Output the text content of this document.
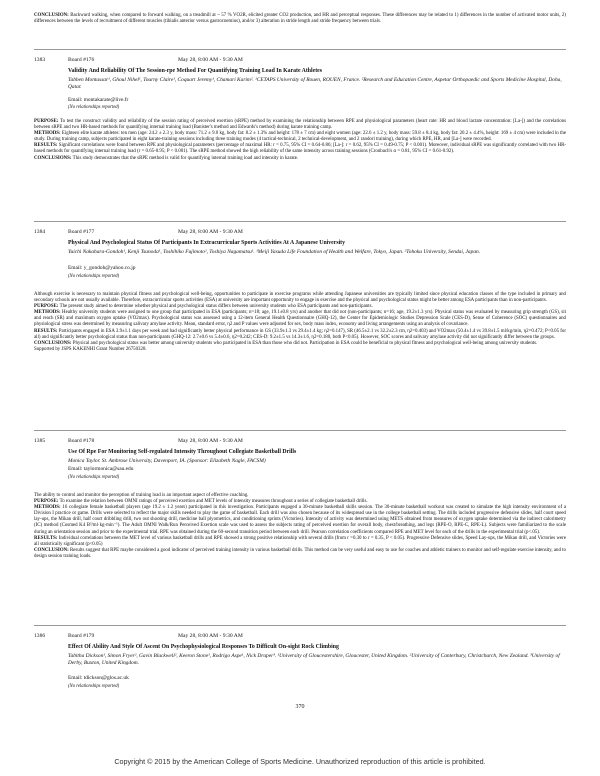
CONCLUSION: Backward walking, when compared to forward walking, on a treadmill at ~ 57 % VO2R, elicited greater CO2 production, and HR and perceptual responses. These differences may be related to 1) differences in the number of activated motor units, 2) differences between the levels of recruitment of different muscles (tibialis anterior versus gastrocnemius), and/or 3) alteration in stride length and stride frequency between trials.
1383	Board #176	May 28, 8:00 AM - 9:30 AM
Validity And Reliability Of The Session-rpe Method For Quantifying Training Load In Karate Athletes
Tabben Montassar¹, Ghoul Nihel¹, Tourny Claire¹, Coquart Jeremy¹, Chamari Karim². ¹CETAPS University of Rouen, ROUEN, France. ²Research and Education Centre, Aspetar Orthopaedic and Sports Medicine Hospital, Doha, Qatar.
Email: montakarate@live.fr
(No relationships reported)
PURPOSE: To test the construct validity and reliability of the session rating of perceived exertion (sRPE) method by examining the relationship between RPE and physiological parameters (heart rate: HR and blood lactate concentration: [La-]) and the correlations between sRPE and two HR-based methods for quantifying internal training load (Banister's method and Edwards's method) during karate training camp.
METHODS: Eighteen elite karate athletes: ten men (age: 24.2 ± 2.3 y, body mass: 71.2 ± 9.0 kg, body fat: 8.2 ± 1.3% and height: 178 ± 7 cm) and eight women (age: 22.6 ± 1.2 y, body mass: 59.8 ± 8.4 kg, body fat: 20.2 ± 4.4%, height: 169 ± 4 cm) were included in the study. During training camp, subjects participated in eight karate-training sessions including three training modes (4 tactical-technical, 2 technical-development, and 2 randori training), during which RPE, HR, and [La-] were recorded.
RESULTS: Significant correlations were found between RPE and physiological parameters (percentage of maximal HR: r = 0.75, 95% CI = 0.64-0.86; [La-]: r = 0.62, 95% CI = 0.49-0.75; P < 0.001). Moreover, individual sRPE was significantly correlated with two HR-based methods for quantifying internal training load (r = 0.65-0.95; P < 0.001). The sRPE method showed the high reliability of the same intensity across training sessions (Cronbach's α = 0.81, 95% CI = 0.61-0.92).
CONCLUSIONS: This study demonstrates that the sRPE method is valid for quantifying internal training load and intensity in karate.
1384	Board #177	May 28, 8:00 AM - 9:30 AM
Physical And Psychological Status Of Participants In Extracurricular Sports Activities At A Japanese University
Yuichi Nakahara-Gondoh¹, Kenji Tsunoda¹, Toshihiko Fujimoto², Toshiya Nagamatsu¹. ¹Meiji Yasuda Life Foundation of Health and Welfare, Tokyo, Japan. ²Tohoku University, Sendai, Japan.
Email: y_gondoh@yahoo.co.jp
(No relationships reported)
Although exercise is necessary to maintain physical fitness and psychological well-being, opportunities to participate in exercise programs while attending Japanese universities are typically limited since physical education classes of the type included in primary and secondary schools are not usually available. Therefore, extracurricular sports activities (ESA) at university are important opportunity to engage in exercise and the physical and psychological status might be better among ESA participants than in non-participants.
PURPOSE: The present study aimed to determine whether physical and psychological status differs between university students who ESA participants and non-participants.
METHODS: Healthy university students were assigned to one group that participated in ESA (participants; n=18; age, 19.1±0.8 yrs) and another that did not (non-participants; n=16; age, 19.2±1.3 yrs). Physical status was evaluated by measuring grip strength (GS), sit and reach (SR) and maximum oxygen uptake (VO2max). Psychological status was assessed using a 12-item General Health Questionnaire (GHQ-12), the Center for Epidemiologic Studies Depression Scale (CES-D), Sense of Coherence (SOC) questionnaires and physiological stress was determined by measuring salivary amylase activity. Mean, standard error, η2 and P values were adjusted for sex, body mass index, economy and living arrangements using an analysis of covariance.
RESULTS: Participants engaged in ESA 3.9±1.1 days per week and had significantly better physical performance in GS (33.9±1.3 vs 29.4±1.4 kg; η2=0.147), SR (46.5±2.1 vs 32.2±2.3 cm, η2=0.403) and VO2max (50.4±1.4 vs 39.8±1.5 ml/kg/min, η2=0.472; P<0.05 for all) and significantly better psychological status than non-participants (GHQ-12: 2.7±0.6 vs 5.4±0.6, η2=0.242; CES-D: 9.2±1.5 vs 14.3±1.6, η2=0.180, both P<0.05). However, SOC scores and salivary amylase activity did not significantly differ between the groups.
CONCLUSIONS: Physical and psychological status was better among university students who participated in ESA than those who did not. Participation in ESA could be beneficial to physical fitness and psychological well-being among university students.
Supported by JSPS KAKENHI Grant Number 26750328.
1385	Board #178	May 28, 8:00 AM - 9:30 AM
Use Of Rpe For Monitoring Self-regulated Intensity Throughout Collegiate Basketball Drills
Monica Taylor. St. Ambrose University, Davenport, IA. (Sponsor: Elizabeth Nagle, FACSM)
Email: taylormonica@sau.edu
(No relationships reported)
The ability to control and monitor the perception of training load is an important aspect of effective coaching.
PURPOSE: To examine the relation between OMNI ratings of perceived exertion and MET levels of intensity measures throughout a series of collegiate basketball drills.
METHODS: 16 collegiate female basketball players (age 19.2 ± 1.2 years) participated in this investigation. Participants engaged a 30-minute basketball skills session. The 30-minute basketball workout was created to simulate the high intensity environment of a Division I practice or game. Drills were selected to reflect the major skills needed to play the game of basketball. Each drill was also chosen because of its widespread use in the college basketball setting. The drills included progressive defensive slides, half court speed lay-ups, the Mikan drill, half court dribbling drill, two out shooting drill, medicine ball plyometrics, and conditioning sprints (Victories). Intensity of activity was determined using METS obtained from measures of oxygen uptake determined via the indirect calorimetry (IC) method (Cosmed K4 B²/ml·kg-min⁻¹). The Adult OMNI Walk/Run Perceived Exertion scale was used to assess the subjects rating of perceived exertion for overall body, chest/breathing, and legs (RPE-O, RPE-C, RPE-L). Subjects were familiarized to the scale during an orientation session and prior to the experimental trial. RPE was obtained during the 60-second transition period between each drill. Pearson correlation coefficients compared RPE and MET level for each of the drills in the experimental trial (p<.05).
RESULTS: Individual correlations between the MET level of various basketball drills and RPE showed a strong positive relationship with several drills (from r =0.30 to r = 0.35, P < 0.05). Progressive Defensive slides, Speed Lay-ups, the Mikan drill, and Victories were all statistically significant (p<0.05)
CONCLUSION: Results suggest that RPE maybe considered a good indicator of perceived training intensity in various basketball drills. This method can be very useful and easy to use for coaches and athletic trainers to monitor and self-regulate exercise intensity, and to design session training loads.
1386	Board #179	May 28, 8:00 AM - 9:30 AM
Effect Of Ability And Style Of Ascent On Psychophysiological Responses To Difficult On-sight Rock Climbing
Tabitha Dickson¹, Simon Fryer², Gavin Blackwell², Keeron Stone¹, Rodrigo Aspe¹, Nick Draper³. ¹University of Gloucestershire, Gloucester, United Kingdom. ²University of Canterbury, Christchurch, New Zealand. ³University of Derby, Buxton, United Kingdom.
Email: tdickson@glos.ac.uk
(No relationships reported)
370
Copyright © 2015 by the American College of Sports Medicine. Unauthorized reproduction of this article is prohibited.
